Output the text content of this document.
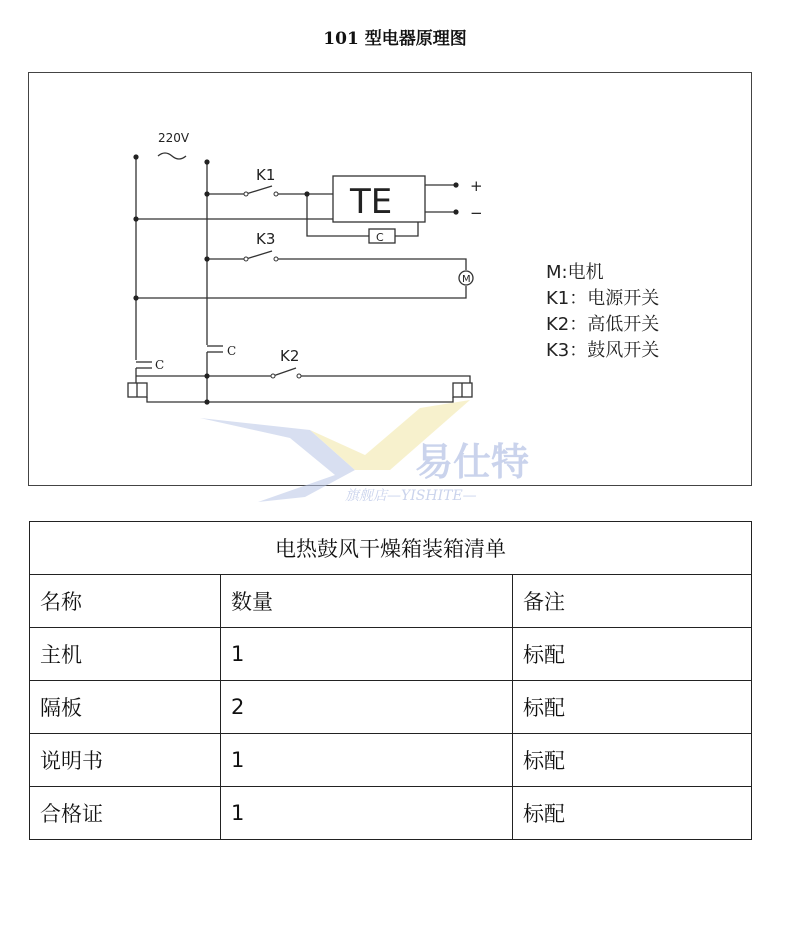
101 型电器原理图
易仕特
旗舰店—YISHITE—
220V
K1
K3
K2
TE
C
+
−
M
C
C
M:电机
K1：电源开关
K2：高低开关
K3：鼓风开关
电热鼓风干燥箱装箱清单		
名称	数量	备注
主机	1	标配
隔板	2	标配
说明书	1	标配
合格证	1	标配
